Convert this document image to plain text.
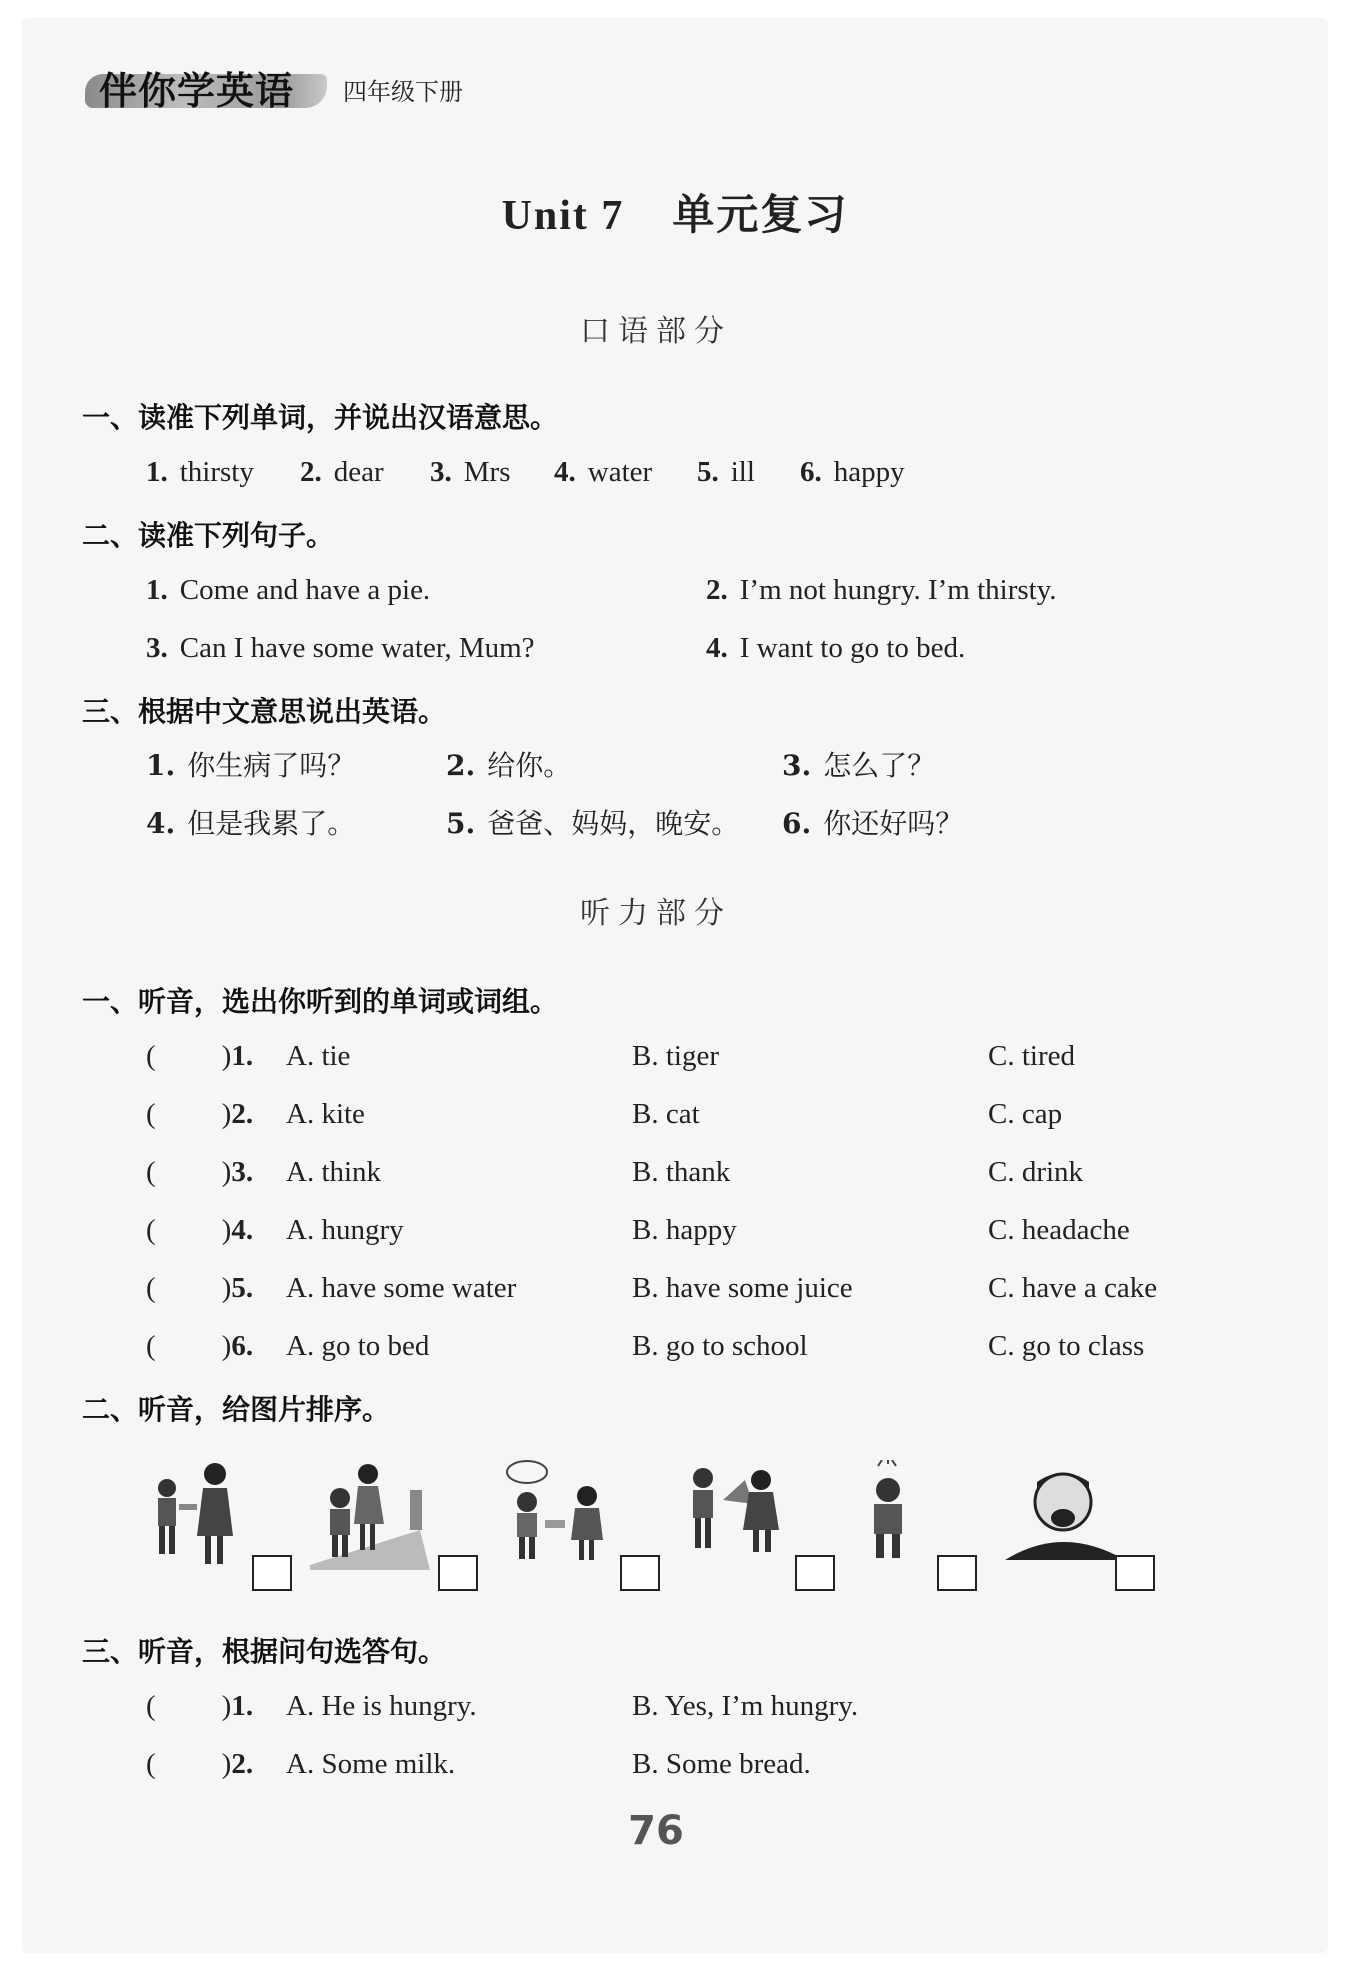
伴你学英语 四年级下册
Unit 7 单元复习
口语部分
一、读准下列单词，并说出汉语意思。
1. thirsty 2. dear 3. Mrs 4. water 5. ill 6. happy
二、读准下列句子。
1. Come and have a pie.	2. I’m not hungry. I’m thirsty.
3. Can I have some water, Mum?	4. I want to go to bed.
三、根据中文意思说出英语。
1. 你生病了吗？	2. 给你。	3. 怎么了？
4. 但是我累了。	5. 爸爸、妈妈，晚安。 6. 你还好吗？
听力部分
一、听音，选出你听到的单词或词组。
( )1. A. tie	B. tiger	C. tired
( )2. A. kite	B. cat	C. cap
( )3. A. think	B. thank	C. drink
( )4. A. hungry	B. happy	C. headache
( )5. A. have some water	B. have some juice	C. have a cake
( )6. A. go to bed	B. go to school	C. go to class
二、听音，给图片排序。
三、听音，根据问句选答句。
( )1. A. He is hungry.	B. Yes, I’m hungry.
( )2. A. Some milk.	B. Some bread.
76
